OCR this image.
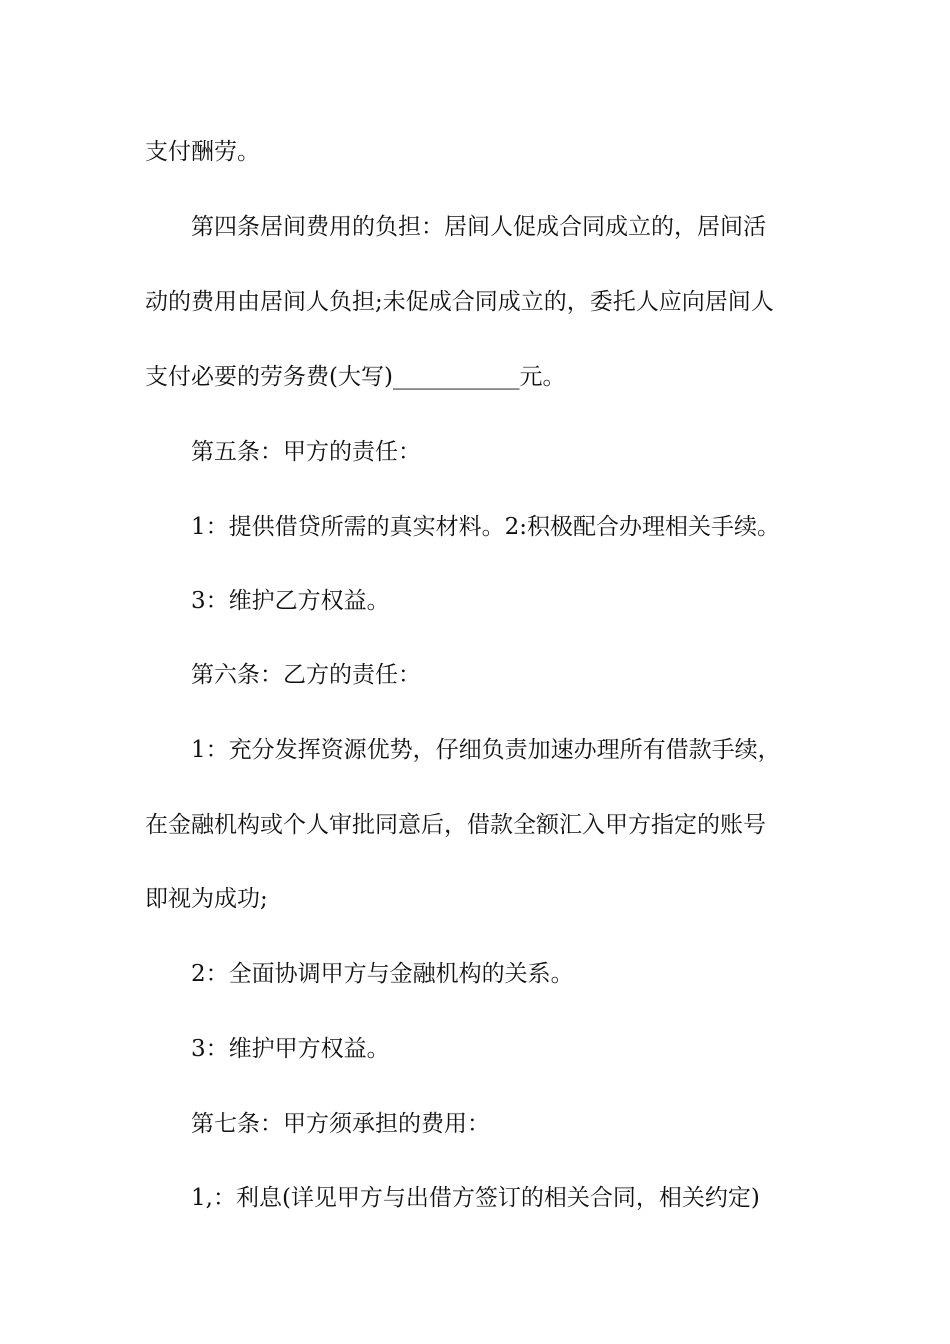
支付酬劳。
第四条居间费用的负担：居间人促成合同成立的，居间活
动的费用由居间人负担;未促成合同成立的，委托人应向居间人
支付必要的劳务费(大写)___________元。
第五条：甲方的责任：
1：提供借贷所需的真实材料。2:积极配合办理相关手续。
3：维护乙方权益。
第六条：乙方的责任：
1：充分发挥资源优势，仔细负责加速办理所有借款手续，
在金融机构或个人审批同意后，借款全额汇入甲方指定的账号
即视为成功;
2：全面协调甲方与金融机构的关系。
3：维护甲方权益。
第七条：甲方须承担的费用：
1,：利息(详见甲方与出借方签订的相关合同，相关约定)
